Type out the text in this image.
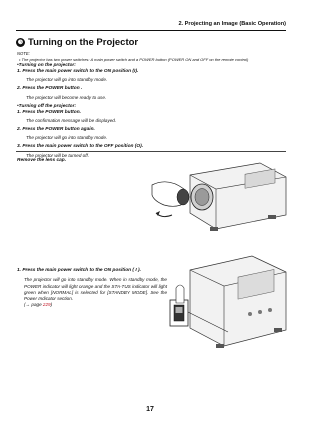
2. Projecting an Image (Basic Operation)
❸ Turning on the Projector
NOTE:
• The projector has two power switches: A main power switch and a POWER button (POWER ON and OFF on the remote control)
•Turning on the projector:
1. Press the main power switch to the ON position (I).
The projector will go into standby mode.
2. Press the POWER button .
The projector will become ready to use.
•Turning off the projector:
1. Press the POWER button.
The confirmation message will be displayed.
2. Press the POWER button again.
The projector will go into standby mode.
3. Press the main power switch to the OFF position (O).
The projector will be turned off.
Remove the lens cap.
1. Press the main power switch to the ON position ( I ).
The projector will go into standby mode. When in standby mode, the POWER indicator will light orange and the STA-TUS indicator will light green when [NORMAL] is selected for [STANDBY MODE]. See the Power Indicator section.
(→ page 229)
17
